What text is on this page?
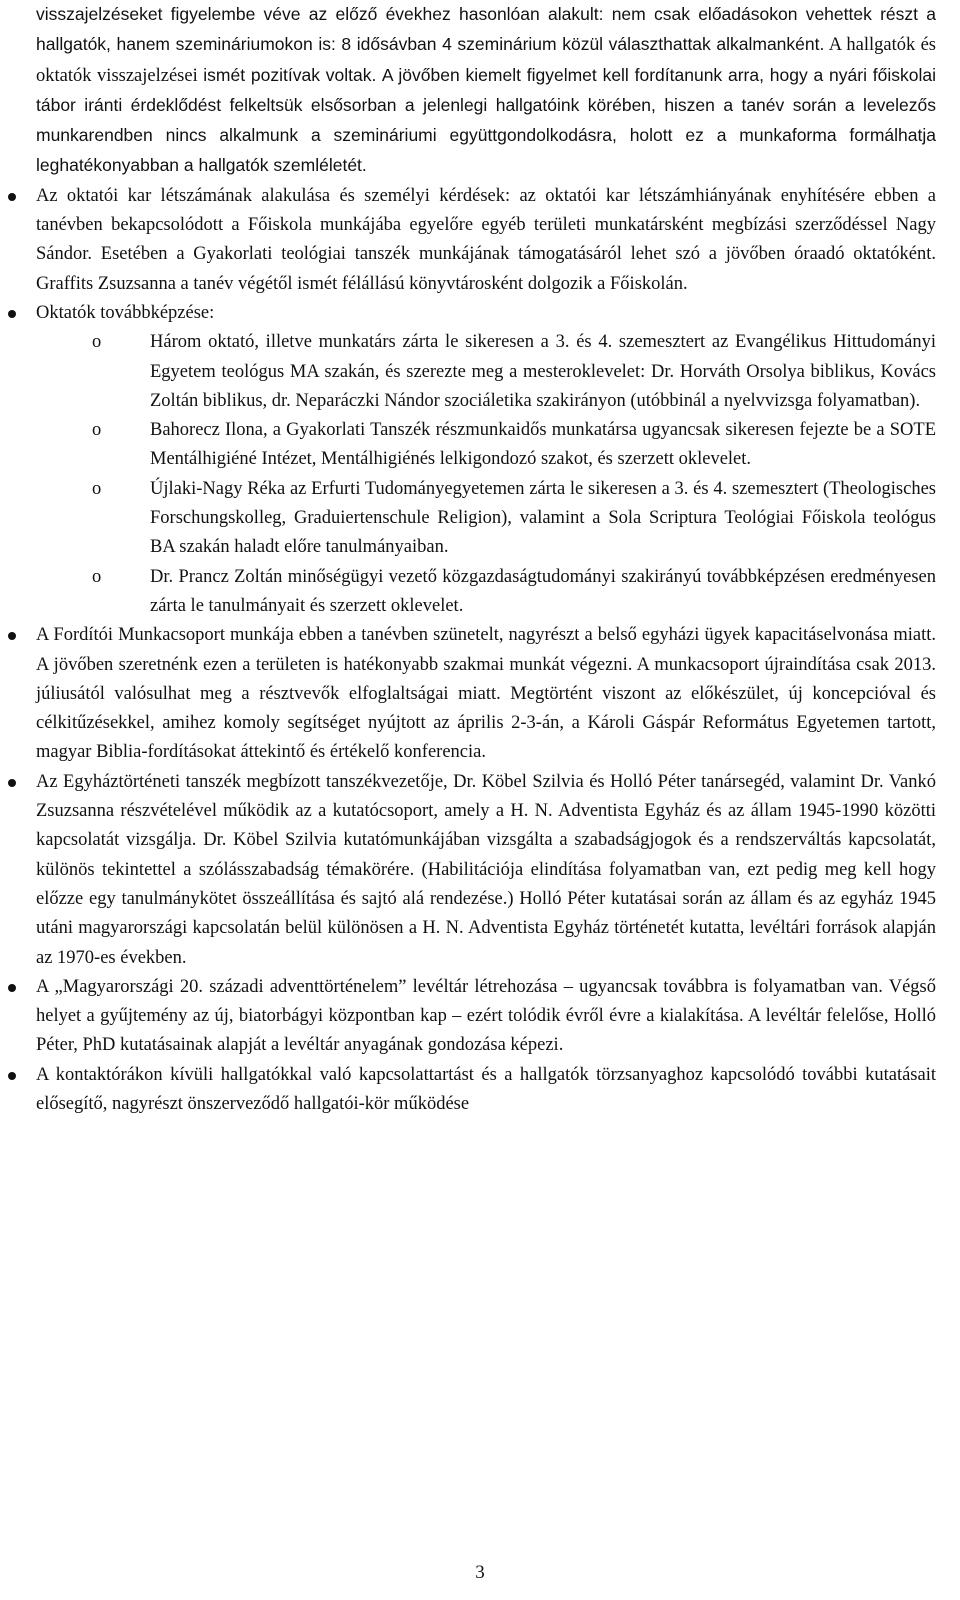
visszajelzéseket figyelembe véve az előző évekhez hasonlóan alakult: nem csak előadásokon vehettek részt a hallgatók, hanem szemináriumokon is: 8 idősávban 4 szeminárium közül választhattak alkalmanként. A hallgatók és oktatók visszajelzései ismét pozitívak voltak. A jövőben kiemelt figyelmet kell fordítanunk arra, hogy a nyári főiskolai tábor iránti érdeklődést felkeltsük elsősorban a jelenlegi hallgatóink körében, hiszen a tanév során a levelezős munkarendben nincs alkalmunk a szemináriumi együttgondolkodásra, holott ez a munkaforma formálhatja leghatékonyabban a hallgatók szemléletét.

Az oktatói kar létszámának alakulása és személyi kérdések: az oktatói kar létszámhiányának enyhítésére ebben a tanévben bekapcsolódott a Főiskola munkájába egyelőre egyéb területi munkatársként megbízási szerződéssel Nagy Sándor. Esetében a Gyakorlati teológiai tanszék munkájának támogatásáról lehet szó a jövőben óraadó oktatóként. Graffits Zsuzsanna a tanév végétől ismét félállású könyvtárosként dolgozik a Főiskolán.
Oktatók továbbképzése:
o	Három oktató, illetve munkatárs zárta le sikeresen a 3. és 4. szemesztert az Evangélikus Hittudományi Egyetem teológus MA szakán, és szerezte meg a mesteroklevelet: Dr. Horváth Orsolya biblikus, Kovács Zoltán biblikus, dr. Neparáczki Nándor szociáletika szakirányon (utóbbinál a nyelvvizsga folyamatban).
o	Bahorecz Ilona, a Gyakorlati Tanszék részmunkaidős munkatársa ugyancsak sikeresen fejezte be a SOTE Mentálhigiéné Intézet, Mentálhigiénés lelkigondozó szakot, és szerzett oklevelet.
o	Újlaki-Nagy Réka az Erfurti Tudományegyetemen zárta le sikeresen a 3. és 4. szemesztert (Theologisches Forschungskolleg, Graduiertenschule Religion), valamint a Sola Scriptura Teológiai Főiskola teológus BA szakán haladt előre tanulmányaiban.
o	Dr. Prancz Zoltán minőségügyi vezető közgazdaságtudományi szakirányú továbbképzésen eredményesen zárta le tanulmányait és szerzett oklevelet.
A Fordítói Munkacsoport munkája ebben a tanévben szünetelt, nagyrészt a belső egyházi ügyek kapacitáselvonása miatt. A jövőben szeretnénk ezen a területen is hatékonyabb szakmai munkát végezni. A munkacsoport újraindítása csak 2013. júliusától valósulhat meg a résztvevők elfoglaltságai miatt. Megtörtént viszont az előkészület, új koncepcióval és célkitűzésekkel, amihez komoly segítséget nyújtott az április 2-3-án, a Károli Gáspár Református Egyetemen tartott, magyar Biblia-fordításokat áttekintő és értékelő konferencia.
Az Egyháztörténeti tanszék megbízott tanszékvezetője, Dr. Köbel Szilvia és Holló Péter tanársegéd, valamint Dr. Vankó Zsuzsanna részvételével működik az a kutatócsoport, amely a H. N. Adventista Egyház és az állam 1945-1990 közötti kapcsolatát vizsgálja. Dr. Köbel Szilvia kutatómunkájában vizsgálta a szabadságjogok és a rendszerváltás kapcsolatát, különös tekintettel a szólásszabadság témakörére. (Habilitációja elindítása folyamatban van, ezt pedig meg kell hogy előzze egy tanulmánykötet összeállítása és sajtó alá rendezése.) Holló Péter kutatásai során az állam és az egyház 1945 utáni magyarországi kapcsolatán belül különösen a H. N. Adventista Egyház történetét kutatta, levéltári források alapján az 1970-es években.
A „Magyarországi 20. századi adventtörténelem” levéltár létrehozása – ugyancsak továbbra is folyamatban van. Végső helyet a gyűjtemény az új, biatorbágyi központban kap – ezért tolódik évről évre a kialakítása. A levéltár felelőse, Holló Péter, PhD kutatásainak alapját a levéltár anyagának gondozása képezi.
A kontaktórákon kívüli hallgatókkal való kapcsolattartást és a hallgatók törzsanyaghoz kapcsolódó további kutatásait elősegítő, nagyrészt önszerveződő hallgatói-kör működése
3
